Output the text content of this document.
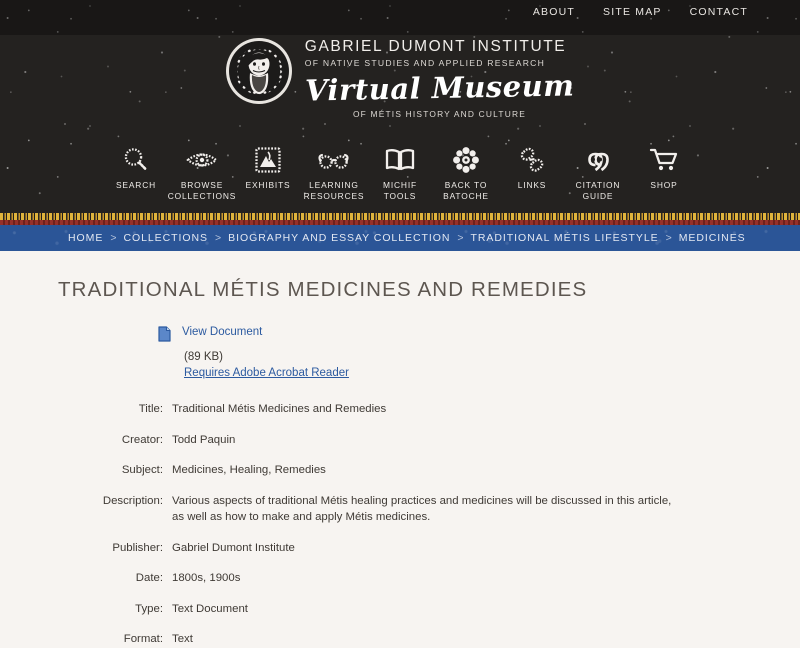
ABOUT	SITE MAP	CONTACT
GABRIEL DUMONT INSTITUTE
OF NATIVE STUDIES AND APPLIED RESEARCH
Virtual Museum
OF MÉTIS HISTORY AND CULTURE
SEARCH	BROWSE
COLLECTIONS
EXHIBITS	LEARNING
RESOURCES
MICHIF
TOOLS
BACK TO
BATOCHE
LINKS	CITATION
GUIDE
SHOP
HOME > COLLECTIONS > BIOGRAPHY AND ESSAY COLLECTION > TRADITIONAL MÉTIS LIFESTYLE > MEDICINES
TRADITIONAL MÉTIS MEDICINES AND REMEDIES
View Document
(89 KB)
Requires Adobe Acrobat Reader
Title: Traditional Métis Medicines and Remedies
Creator: Todd Paquin
Subject: Medicines, Healing, Remedies
Description: Various aspects of traditional Métis healing practices and medicines will be discussed in this article, as well as how to make and apply Métis medicines.
Publisher: Gabriel Dumont Institute
Date: 1800s, 1900s
Type: Text Document
Format: Text
